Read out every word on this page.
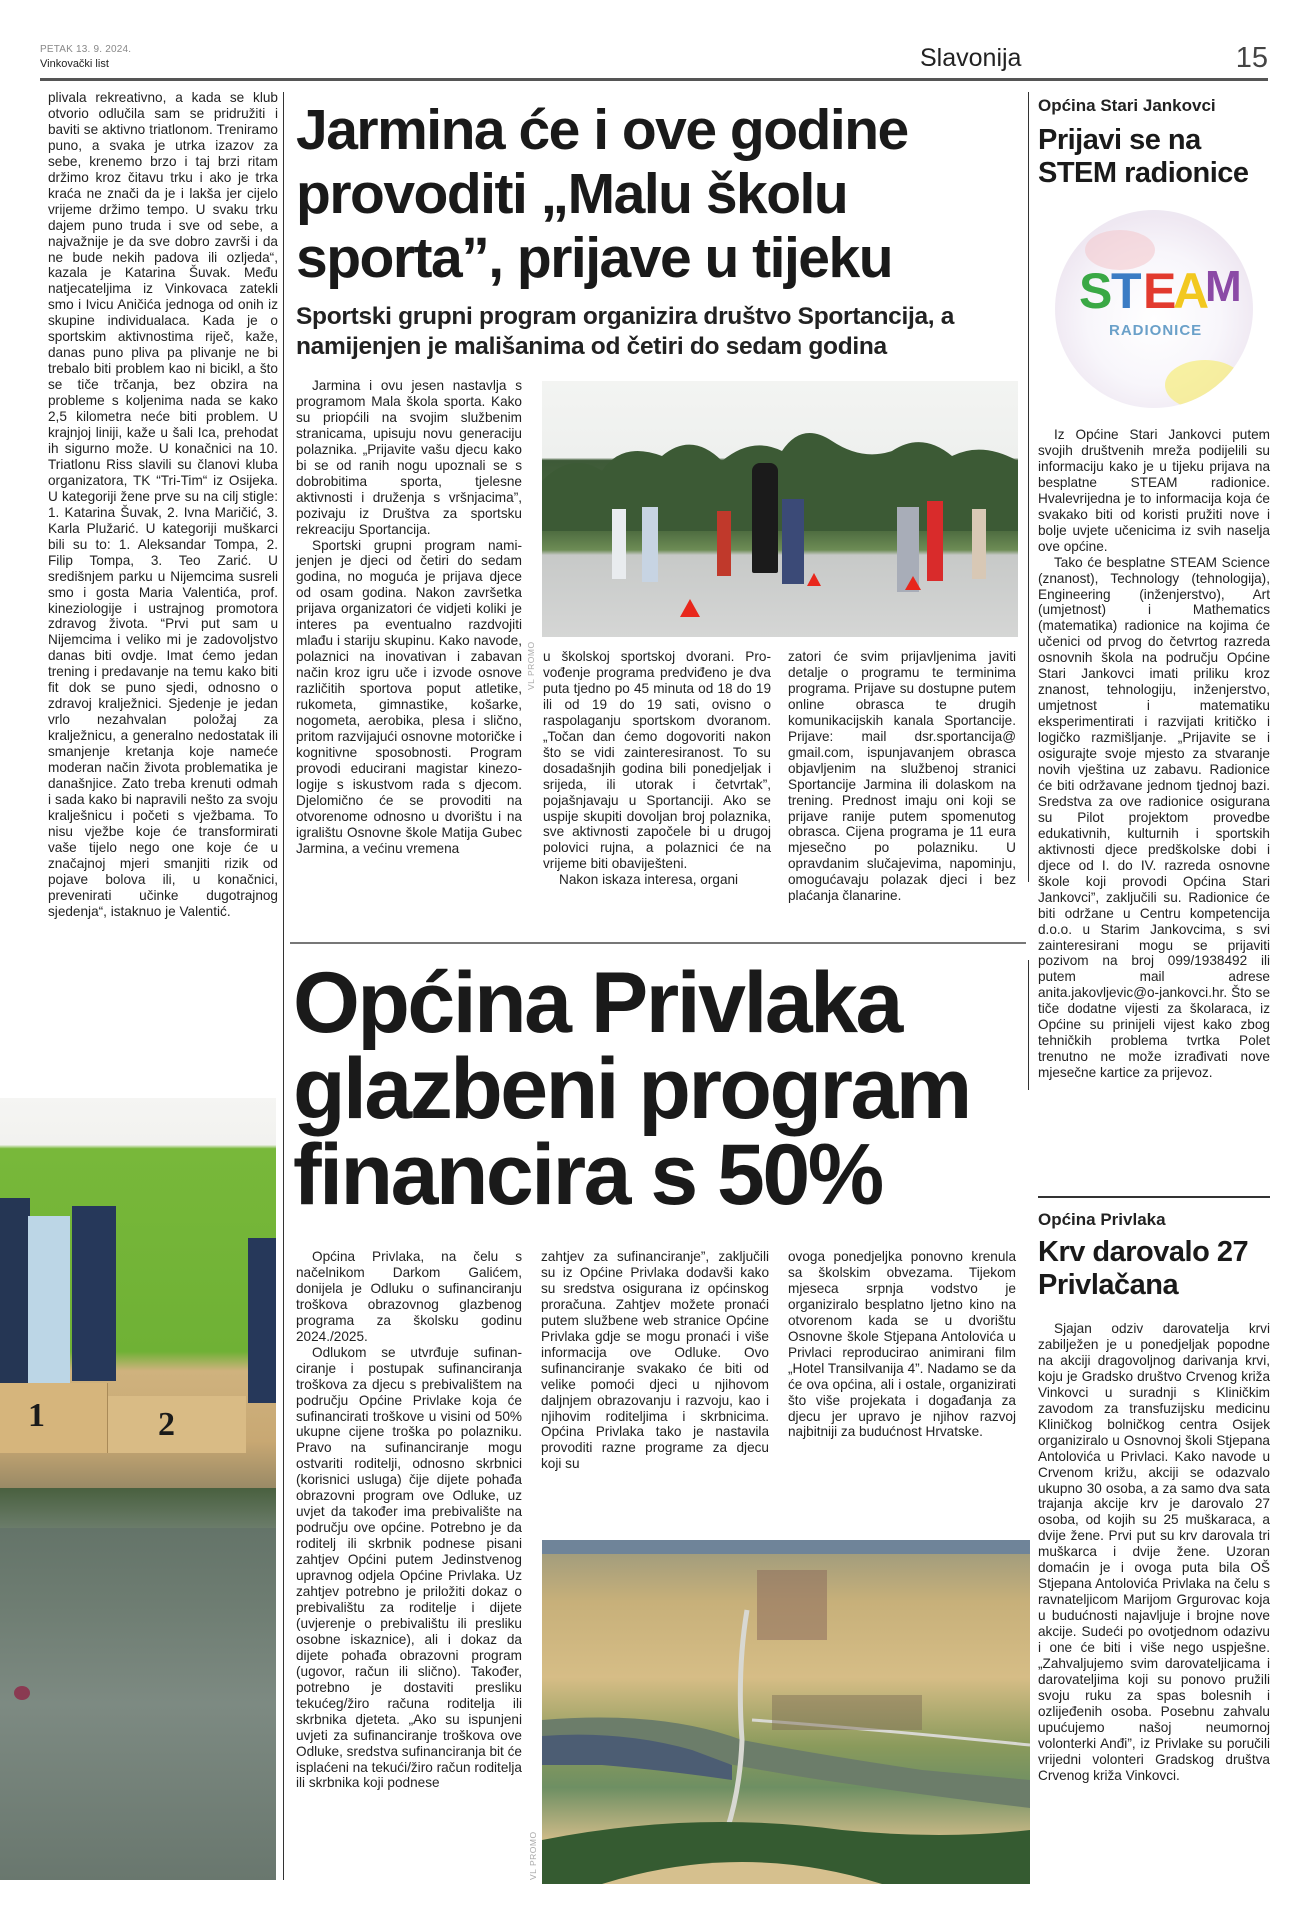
PETAK 13. 9. 2024.
Vinkovački list	Slavonija	15

plivala rekreativno, a kada se klub otvorio odlučila sam se pridružiti i baviti se aktivno triatlonom. Treniramo puno, a svaka je utrka izazov za sebe, krenemo brzo i taj brzi ritam držimo kroz čitavu trku i ako je trka kraća ne znači da je i lakša jer cijelo vrijeme držimo tempo. U svaku trku dajem puno truda i sve od sebe, a najvažnije je da sve dobro završi i da ne bude nekih padova ili ozljeda“, kazala je Katarina Šuvak. Među natjecateljima iz Vinkovaca zatekli smo i Ivicu Aničića jednoga od onih iz skupine individualaca. Kada je o sportskim aktivnostima riječ, kaže, danas puno pliva pa plivanje ne bi trebalo biti problem kao ni bicikl, a što se tiče trčanja, bez obzira na probleme s koljenima nada se kako 2,5 kilometra neće biti problem. U krajnjoj liniji, kaže u šali Ica, prehodat ih sigurno može. U konačnici na 10. Triatlonu Riss slavili su članovi kluba organizatora, TK “Tri-Tim“ iz Osijeka. U kategoriji žene prve su na cilj stigle: 1. Katarina Šuvak, 2. Ivna Maričić, 3. Karla Plužarić. U kategoriji muškarci bili su to: 1. Aleksandar Tompa, 2. Filip Tompa, 3. Teo Zarić. U središnjem parku u Nijemcima susreli smo i gosta Maria Valentića, prof. kineziologije i ustrajnog promotora zdravog života. “Prvi put sam u Nijemcima i veliko mi je zadovoljstvo danas biti ovdje. Imat ćemo jedan trening i predavanje na temu kako biti fit dok se puno sjedi, odnosno o zdravoj kralježnici. Sjedenje je jedan vrlo nezahvalan položaj za kralježnicu, a generalno nedostatak ili smanjenje kretanja koje nameće moderan način života problematika je današnjice. Zato treba krenuti odmah i sada kako bi napravili nešto za svoju kralješnicu i početi s vježbama. To nisu vježbe koje će transformirati vaše tijelo nego one koje će u značajnoj mjeri smanjiti rizik od pojave bolova ili, u konačnici, prevenirati učinke dugotrajnog sjedenja“, istaknuo je Valentić.

1	2
Jarmina će i ove godine provoditi „Malu školu sporta”, prijave u tijeku
Sportski grupni program organizira društvo Sportancija, a namijenjen je mališanima od četiri do sedam godina

Jarmina i ovu jesen nastavlja s programom Mala škola sporta. Kako su priopćili na svojim službenim stranicama, upisuju novu generaciju polaznika. „Prijavite vašu djecu kako bi se od ranih nogu upoznali se s dobrobitima sporta, tjelesne aktivnosti i druženja s vršnjacima”, pozivaju iz Društva za sportsku rekreaciju Sportancija.

Sportski grupni program namijenjen je djeci od četiri do sedam godina, no moguća je prijava djece od osam godina. Nakon završetka prijava organizatori će vidjeti koliki je interes pa eventualno razdvojiti mlađu i stariju skupinu. Kako navode, polaznici na inovativan i zabavan način kroz igru uče i izvode osnove različitih sportova poput atletike, rukometa, gimnastike, košarke, nogometa, aerobika, plesa i slično, pritom razvijajući osnovne motoričke i kognitivne sposobnosti. Program provodi educirani magistar kinezologije s iskustvom rada s djecom. Djelomično će se provoditi na otvorenome odnosno u dvorištu i na igralištu Osnovne škole Matija Gubec Jarmina, a većinu vremena

VL PROMO u školskoj sportskoj dvorani. Provođenje programa predviđeno je dva puta tjedno po 45 minuta od 18 do 19 ili od 19 do 19 sati, ovisno o raspolaganju sportskom dvoranom. „Točan dan ćemo dogovoriti nakon što se vidi zainteresiranost. To su dosadašnjih godina bili ponedjeljak i srijeda, ili utorak i četvrtak”, pojašnjavaju u Sportanciji. Ako se uspije skupiti dovoljan broj polaznika, sve aktivnosti započele bi u drugoj polovici rujna, a polaznici će na vrijeme biti obaviješteni.

Nakon iskaza interesa, organi

zatori će svim prijavljenima javiti detalje o programu te terminima programa. Prijave su dostupne putem online obrasca te drugih komunikacijskih kanala Sportancije. Prijave: mail dsr.sportancija@ gmail.com, ispunjavanjem obrasca objavljenim na službenoj stranici Sportancije Jarmina ili dolaskom na trening. Prednost imaju oni koji se prijave ranije putem spomenutog obrasca. Cijena programa je 11 eura mjesečno po polazniku. U opravdanim slučajevima, napominju, omogućavaju polazak djeci i bez plaćanja članarine.

Općina Privlaka glazbeni program financira s 50%

Općina Privlaka, na čelu s načelnikom Darkom Galićem, donijela je Odluku o sufinanciranju troškova obrazovnog glazbenog programa za školsku godinu 2024./2025.

Odlukom se utvrđuje sufinanciranje i postupak sufinanciranja troškova za djecu s prebivalištem na području Općine Privlake koja će sufinancirati troškove u visini od 50% ukupne cijene troška po polazniku. Pravo na sufinanciranje mogu ostvariti roditelji, odnosno skrbnici (korisnici usluga) čije dijete pohađa obrazovni program ove Odluke, uz uvjet da također ima prebivalište na području ove općine. Potrebno je da roditelj ili skrbnik podnese pisani zahtjev Općini putem Jedinstvenog upravnog odjela Općine Privlaka. Uz zahtjev potrebno je priložiti dokaz o prebivalištu za roditelje i dijete (uvjerenje o prebivalištu ili presliku osobne iskaznice), ali i dokaz da dijete pohađa obrazovni program (ugovor, račun ili slično). Također, potrebno je dostaviti presliku tekućeg/žiro računa roditelja ili skrbnika djeteta. „Ako su ispunjeni uvjeti za sufinanciranje troškova ove Odluke, sredstva sufinanciranja bit će isplaćeni na tekući/žiro račun roditelja ili skrbnika koji podnese

zahtjev za sufinanciranje”, zaključili su iz Općine Privlaka dodavši kako su sredstva osigurana iz općinskog proračuna. Zahtjev možete pronaći putem službene web stranice Općine Privlaka gdje se mogu pronaći i više informacija ove Odluke. Ovo sufinanciranje svakako će biti od velike pomoći djeci u njihovom daljnjem obrazovanju i razvoju, kao i njihovim roditeljima i skrbnicima. Općina Privlaka tako je nastavila provoditi razne programe za djecu koji su

ovoga ponedjeljka ponovno krenula sa školskim obvezama. Tijekom mjeseca srpnja vodstvo je organiziralo besplatno ljetno kino na otvorenom kada se u dvorištu Osnovne škole Stjepana Antolovića u Privlaci reproducirao animirani film „Hotel Transilvanija 4”. Nadamo se da će ova općina, ali i ostale, organizirati što više projekata i događanja za djecu jer upravo je njihov razvoj najbitniji za budućnost Hrvatske.

VL PROMO
Općina Stari Jankovci
Prijavi se na STEM radionice
S
T E
A
M
RADIONICE

Iz Općine Stari Jankovci putem svojih društvenih mreža podijelili su informaciju kako je u tijeku prijava na besplatne STEAM radionice. Hvalevrijedna je to informacija koja će svakako biti od koristi pružiti nove i bolje uvjete učenicima iz svih naselja ove općine.

Tako će besplatne STEAM Science (znanost), Technology (tehnologija), Engineering (inženjerstvo), Art (umjetnost) i Mathematics (matematika) radionice na kojima će učenici od prvog do četvrtog razreda osnovnih škola na području Općine Stari Jankovci imati priliku kroz znanost, tehnologiju, inženjerstvo, umjetnost i matematiku eksperimentirati i razvijati kritičko i logičko razmišljanje. „Prijavite se i osigurajte svoje mjesto za stvaranje novih vještina uz zabavu. Radionice će biti održavane jednom tjednoj bazi. Sredstva za ove radionice osigurana su Pilot projektom provedbe edukativnih, kulturnih i sportskih aktivnosti djece predškolske dobi i djece od I. do IV. razreda osnovne škole koji provodi Općina Stari Jankovci”, zaključili su. Radionice će biti održane u Centru kompetencija d.o.o. u Starim Jankovcima, s svi zainteresirani mogu se prijaviti pozivom na broj 099/1938492 ili putem mail adrese anita.jakovljevic@o-jankovci.hr. Što se tiče dodatne vijesti za školaraca, iz Općine su prinijeli vijest kako zbog tehničkih problema tvrtka Polet trenutno ne može izrađivati nove mjesečne kartice za prijevoz.

Općina Privlaka
Krv darovalo 27 Privlačana

Sjajan odziv darovatelja krvi zabilježen je u ponedjeljak popodne na akciji dragovoljnog darivanja krvi, koju je Gradsko društvo Crvenog križa Vinkovci u suradnji s Kliničkim zavodom za transfuzijsku medicinu Kliničkog bolničkog centra Osijek organiziralo u Osnovnoj školi Stjepana Antolovića u Privlaci. Kako navode u Crvenom križu, akciji se odazvalo ukupno 30 osoba, a za samo dva sata trajanja akcije krv je darovalo 27 osoba, od kojih su 25 muškaraca, a dvije žene. Prvi put su krv darovala tri muškarca i dvije žene. Uzoran domaćin je i ovoga puta bila OŠ Stjepana Antolovića Privlaka na čelu s ravnateljicom Marijom Grgurovac koja u budućnosti najavljuje i brojne nove akcije. Sudeći po ovotjednom odazivu i one će biti i više nego uspješne. „Zahvaljujemo svim darovateljicama i darovateljima koji su ponovo pružili svoju ruku za spas bolesnih i ozlijeđenih osoba. Posebnu zahvalu upućujemo našoj neumornoj volonterki Anđi”, iz Privlake su poručili vrijedni volonteri Gradskog društva Crvenog križa Vinkovci.
